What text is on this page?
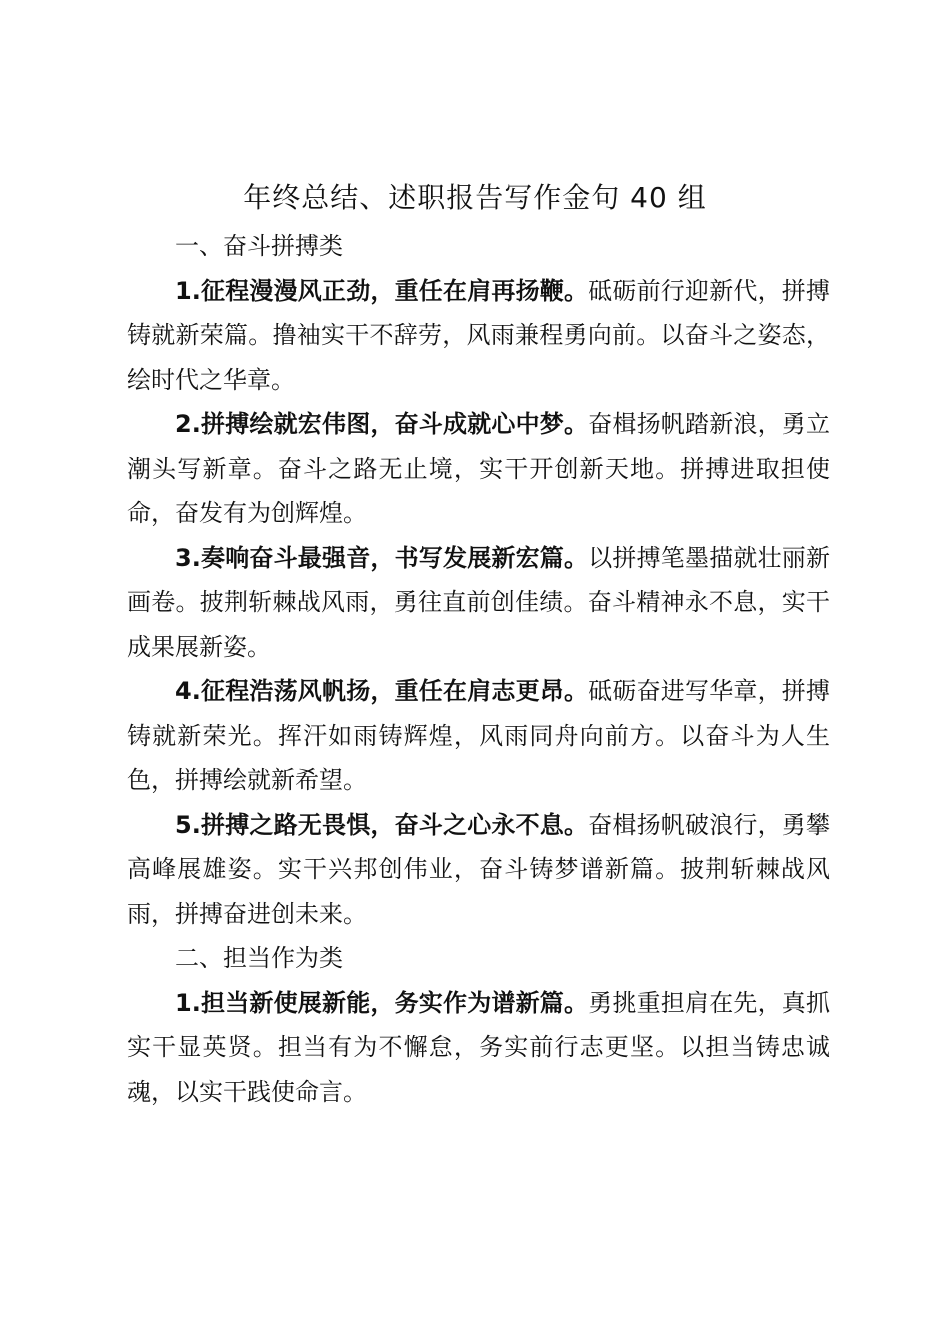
年终总结、述职报告写作金句 40 组

一、奋斗拼搏类

1.征程漫漫风正劲，重任在肩再扬鞭。砥砺前行迎新代，拼搏铸就新荣篇。撸袖实干不辞劳，风雨兼程勇向前。以奋斗之姿态，绘时代之华章。

2.拼搏绘就宏伟图，奋斗成就心中梦。奋楫扬帆踏新浪，勇立潮头写新章。奋斗之路无止境，实干开创新天地。拼搏进取担使命，奋发有为创辉煌。

3.奏响奋斗最强音，书写发展新宏篇。以拼搏笔墨描就壮丽新画卷。披荆斩棘战风雨，勇往直前创佳绩。奋斗精神永不息，实干成果展新姿。

4.征程浩荡风帆扬，重任在肩志更昂。砥砺奋进写华章，拼搏铸就新荣光。挥汗如雨铸辉煌，风雨同舟向前方。以奋斗为人生色，拼搏绘就新希望。

5.拼搏之路无畏惧，奋斗之心永不息。奋楫扬帆破浪行，勇攀高峰展雄姿。实干兴邦创伟业，奋斗铸梦谱新篇。披荆斩棘战风雨，拼搏奋进创未来。

二、担当作为类

1.担当新使展新能，务实作为谱新篇。勇挑重担肩在先，真抓实干显英贤。担当有为不懈怠，务实前行志更坚。以担当铸忠诚魂，以实干践使命言。
